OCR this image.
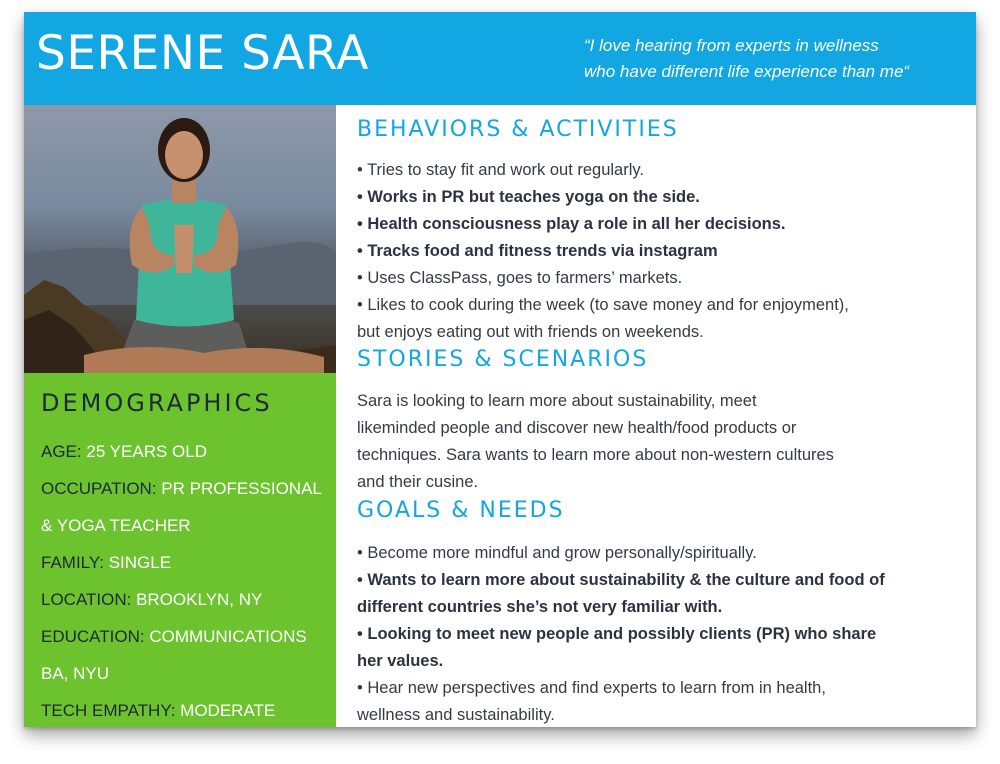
SERENE SARA	“I love hearing from experts in wellness
who have different life experience than me“
DEMOGRAPHICS
AGE: 25 YEARS OLD
OCCUPATION: PR PROFESSIONAL
& YOGA TEACHER
FAMILY: SINGLE
LOCATION: BROOKLYN, NY
EDUCATION: COMMUNICATIONS
BA, NYU
TECH EMPATHY: MODERATE
BEHAVIORS & ACTIVITIES
• Tries to stay fit and work out regularly.
• Works in PR but teaches yoga on the side.
• Health consciousness play a role in all her decisions.
• Tracks food and fitness trends via instagram
• Uses ClassPass, goes to farmers’ markets.
• Likes to cook during the week (to save money and for enjoyment),
but enjoys eating out with friends on weekends.
STORIES & SCENARIOS
Sara is looking to learn more about sustainability, meet
likeminded people and discover new health/food products or
techniques. Sara wants to learn more about non-western cultures
and their cusine.
GOALS & NEEDS
• Become more mindful and grow personally/spiritually.
• Wants to learn more about sustainability & the culture and food of
different countries she’s not very familiar with.
• Looking to meet new people and possibly clients (PR) who share
her values.
• Hear new perspectives and find experts to learn from in health,
wellness and sustainability.
